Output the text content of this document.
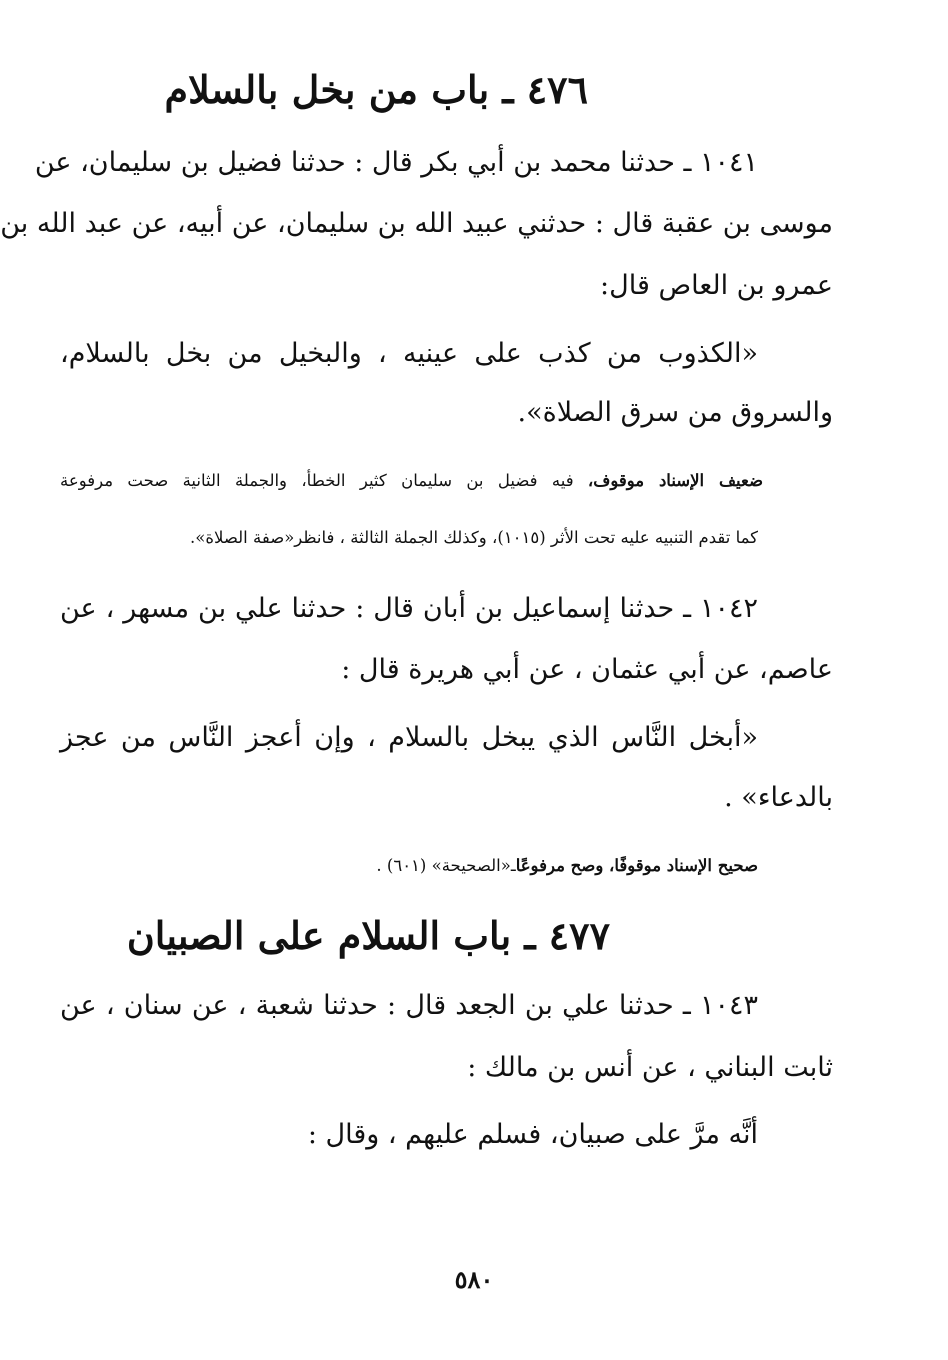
٤٧٦ ـ باب من بخل بالسلام
١٠٤١ ـ حدثنا محمد بن أبي بكر قال : حدثنا فضيل بن سليمان، عن
موسى بن عقبة قال : حدثني عبيد الله بن سليمان، عن أبيه، عن عبد الله بن
عمرو بن العاص قال:
«الكذوب من كذب على عينيه ، والبخيل من بخل بالسلام،
والسروق من سرق الصلاة».
ضعيف الإسناد موقوف، فيه فضيل بن سليمان كثير الخطأ، والجملة الثانية صحت مرفوعة
كما تقدم التنبيه عليه تحت الأثر (١٠١٥)، وكذلك الجملة الثالثة ، فانظر«صفة الصلاة».
١٠٤٢ ـ حدثنا إسماعيل بن أبان قال : حدثنا علي بن مسهر ، عن
عاصم، عن أبي عثمان ، عن أبي هريرة قال :
«أبخل النَّاس الذي يبخل بالسلام ، وإن أعجز النَّاس من عجز
بالدعاء» .
صحيح الإسناد موقوفًا، وصح مرفوعًاـ«الصحيحة» (٦٠١) .
٤٧٧ ـ باب السلام على الصبيان
١٠٤٣ ـ حدثنا علي بن الجعد قال : حدثنا شعبة ، عن سنان ، عن
ثابت البناني ، عن أنس بن مالك :
أنَّه مرَّ على صبيان، فسلم عليهم ، وقال :
٥٨٠
